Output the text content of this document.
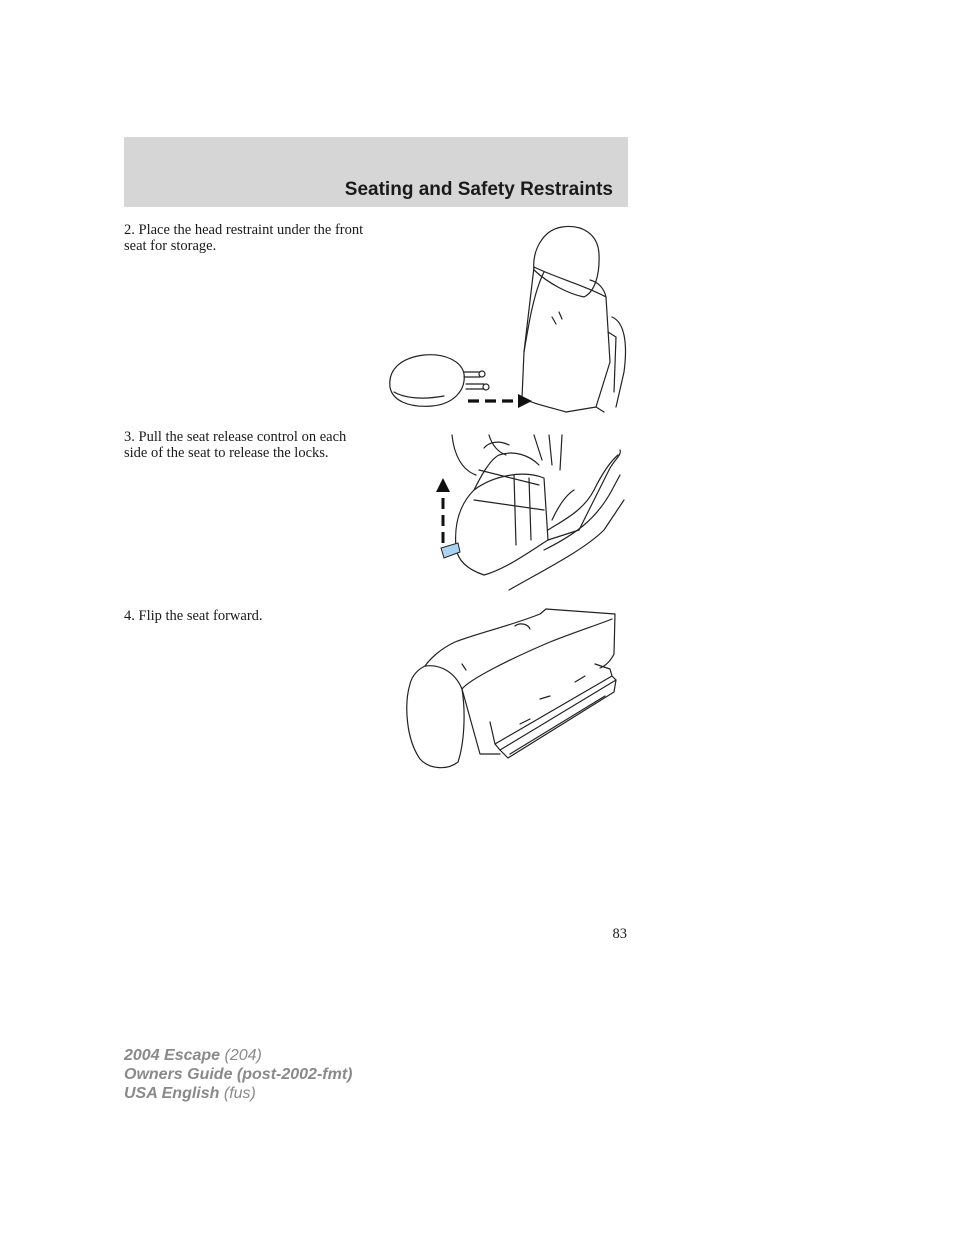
Seating and Safety Restraints

2. Place the head restraint under the front seat for storage.

3. Pull the seat release control on each side of the seat to release the locks.

4. Flip the seat forward.

83
2004 Escape (204)
Owners Guide (post-2002-fmt)
USA English (fus)
